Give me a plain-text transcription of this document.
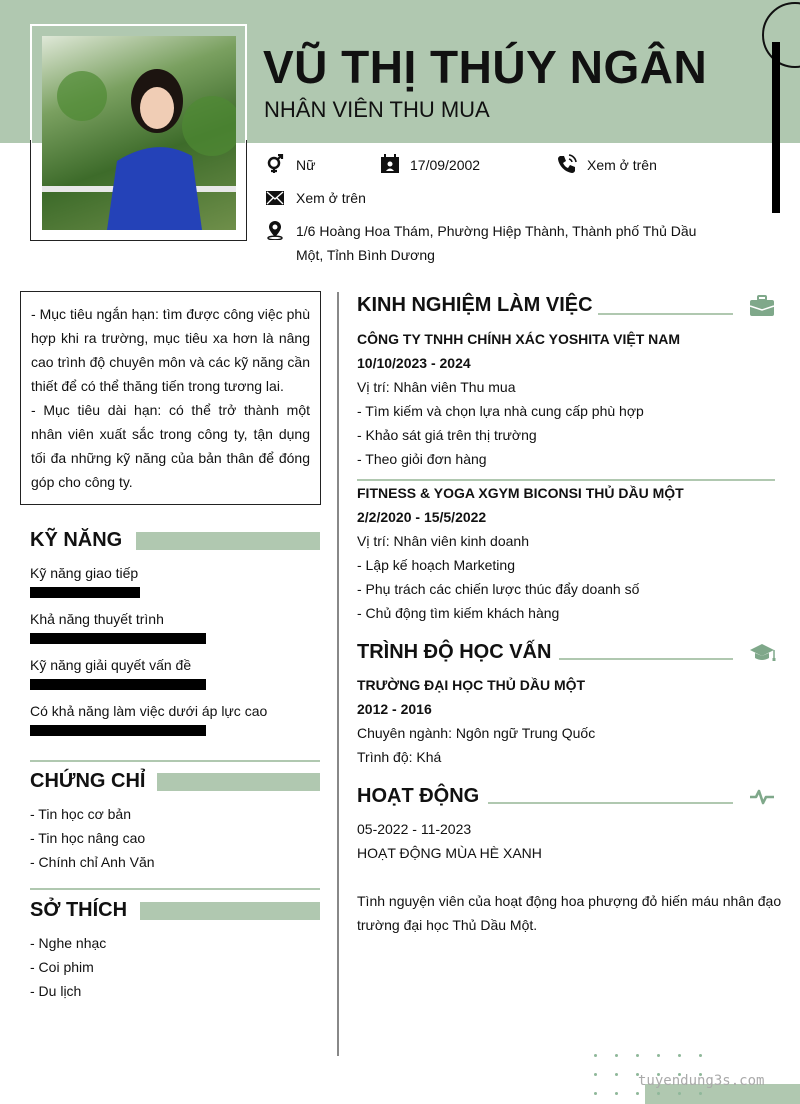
VŨ THỊ THÚY NGÂN
NHÂN VIÊN THU MUA
Nữ	17/09/2002	Xem ở trên
Xem ở trên
1/6 Hoàng Hoa Thám, Phường Hiệp Thành, Thành phố Thủ Dầu
Một, Tỉnh Bình Dương
- Mục tiêu ngắn hạn: tìm được công việc phù hợp khi ra trường, mục tiêu xa hơn là nâng cao trình độ chuyên môn và các kỹ năng cần thiết để có thể thăng tiến trong tương lai.
- Mục tiêu dài hạn: có thể trở thành một nhân viên xuất sắc trong công ty, tận dụng tối đa những kỹ năng của bản thân để đóng góp cho công ty.
KỸ NĂNG
Kỹ năng giao tiếp
Khả năng thuyết trình
Kỹ năng giải quyết vấn đề
Có khả năng làm việc dưới áp lực cao
CHỨNG CHỈ
- Tin học cơ bản
- Tin học nâng cao
- Chính chỉ Anh Văn
SỞ THÍCH
- Nghe nhạc
- Coi phim
- Du lịch
KINH NGHIỆM LÀM VIỆC
CÔNG TY TNHH CHÍNH XÁC YOSHITA VIỆT NAM
10/10/2023 - 2024
Vị trí: Nhân viên Thu mua
- Tìm kiếm và chọn lựa nhà cung cấp phù hợp
- Khảo sát giá trên thị trường
- Theo giỏi đơn hàng
FITNESS & YOGA XGYM BICONSI THỦ DẦU MỘT
2/2/2020 - 15/5/2022
Vị trí: Nhân viên kinh doanh
- Lập kế hoạch Marketing
- Phụ trách các chiến lược thúc đẩy doanh số
- Chủ động tìm kiếm khách hàng
TRÌNH ĐỘ HỌC VẤN
TRƯỜNG ĐẠI HỌC THỦ DẦU MỘT
2012 - 2016
Chuyên ngành: Ngôn ngữ Trung Quốc
Trình độ: Khá
HOẠT ĐỘNG
05-2022 - 11-2023
HOẠT ĐỘNG MÙA HÈ XANH
Tình nguyện viên của hoạt động hoa phượng đỏ hiến máu nhân đạo
trường đại học Thủ Dầu Một.
tuyendung3s.com
